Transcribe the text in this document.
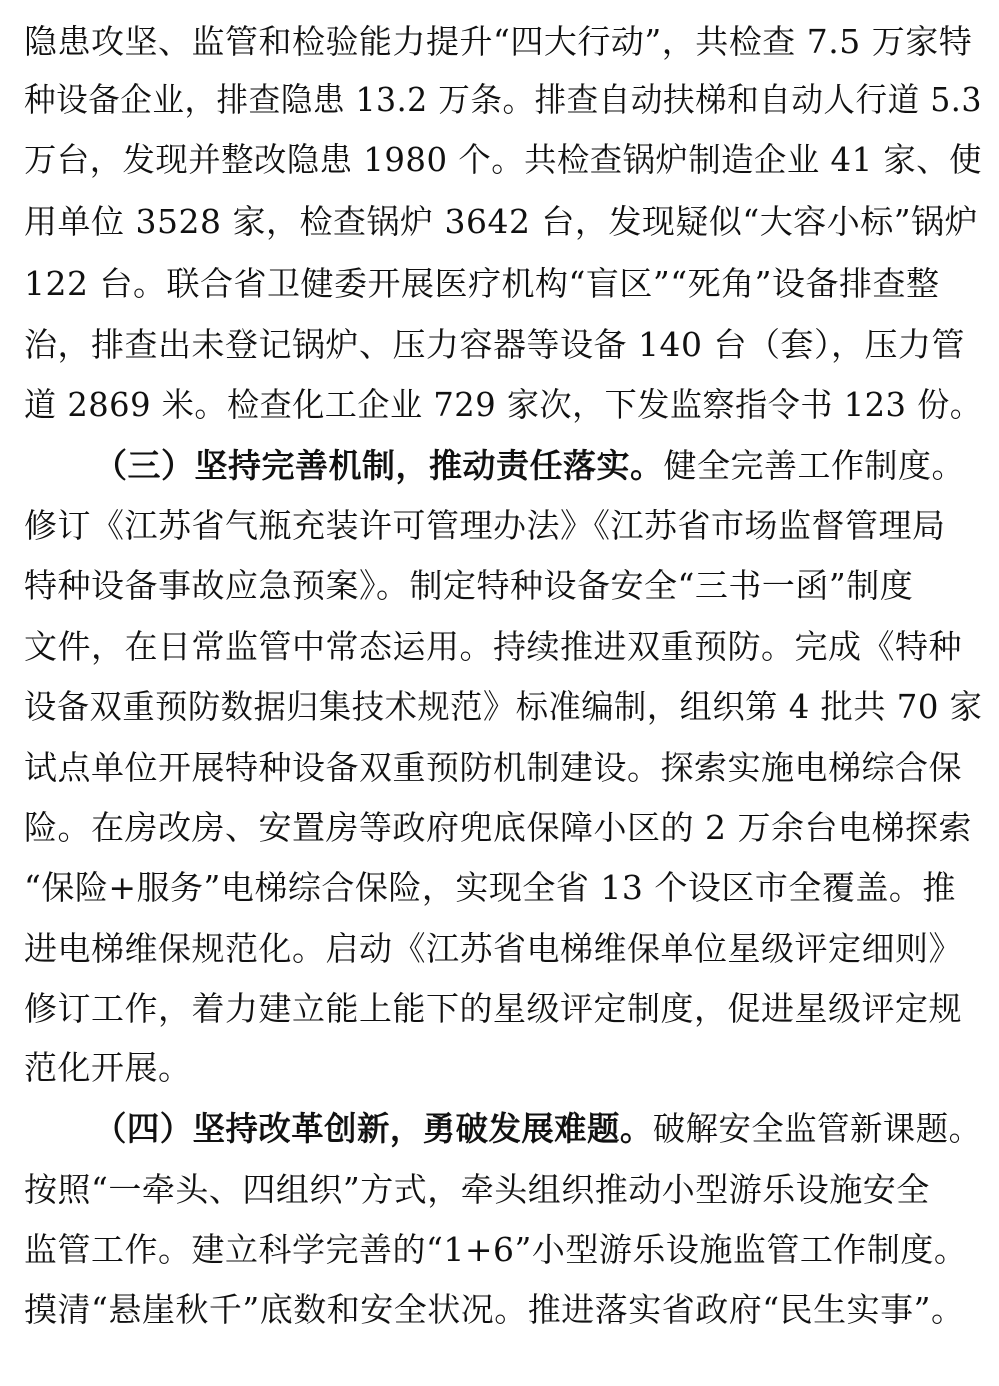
隐患攻坚、监管和检验能力提升“四大行动”，共检查 7.5 万家特
种设备企业，排查隐患 13.2 万条。排查自动扶梯和自动人行道 5.3
万台，发现并整改隐患 1980 个。共检查锅炉制造企业 41 家、使
用单位 3528 家，检查锅炉 3642 台，发现疑似“大容小标”锅炉
122 台。联合省卫健委开展医疗机构“盲区”“死角”设备排查整
治，排查出未登记锅炉、压力容器等设备 140 台（套），压力管
道 2869 米。检查化工企业 729 家次，下发监察指令书 123 份。
（三）坚持完善机制，推动责任落实。健全完善工作制度。
修订《江苏省气瓶充装许可管理办法》《江苏省市场监督管理局
特种设备事故应急预案》。制定特种设备安全“三书一函”制度
文件，在日常监管中常态运用。持续推进双重预防。完成《特种
设备双重预防数据归集技术规范》标准编制，组织第 4 批共 70 家
试点单位开展特种设备双重预防机制建设。探索实施电梯综合保
险。在房改房、安置房等政府兜底保障小区的 2 万余台电梯探索
“保险+服务”电梯综合保险，实现全省 13 个设区市全覆盖。推
进电梯维保规范化。启动《江苏省电梯维保单位星级评定细则》
修订工作，着力建立能上能下的星级评定制度，促进星级评定规
范化开展。
（四）坚持改革创新，勇破发展难题。破解安全监管新课题。
按照“一牵头、四组织”方式，牵头组织推动小型游乐设施安全
监管工作。建立科学完善的“1+6”小型游乐设施监管工作制度。
摸清“悬崖秋千”底数和安全状况。推进落实省政府“民生实事”。
